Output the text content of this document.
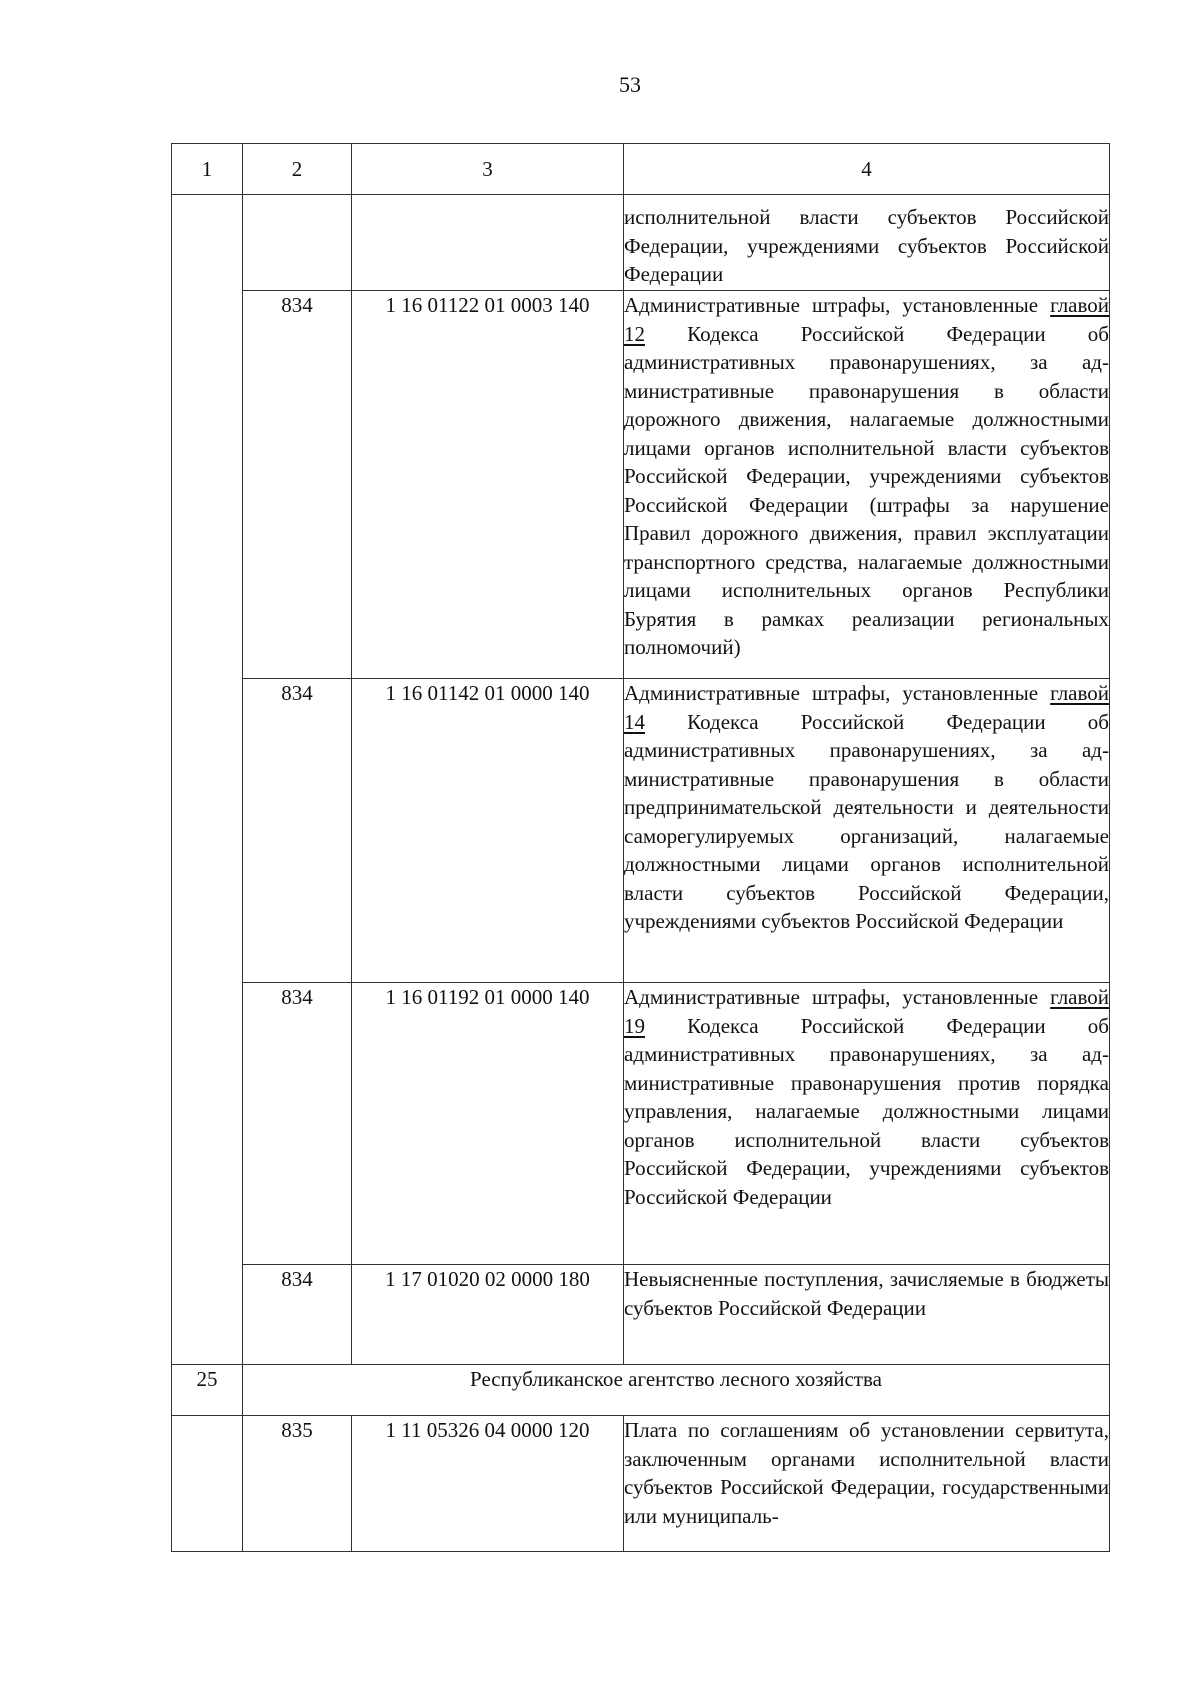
53
1	2	3	4
			исполнительной власти субъектов Российской Федерации, учреждениями субъектов Российской Федерации
	834	1 16 01122 01 0003 140	Административные штрафы, установленные главой 12 Кодекса Российской Федерации об административных правонарушениях, за административные правонарушения в области дорожного движения, налагаемые должностными лицами органов исполнительной власти субъектов Российской Федерации, учреждениями субъектов Российской Федерации (штрафы за нарушение Правил дорожного движения, правил эксплуатации транспортного средства, налагаемые должностными лицами исполнительных органов Республики Бурятия в рамках реализации региональных полномочий)
	834	1 16 01142 01 0000 140	Административные штрафы, установленные главой 14 Кодекса Российской Федерации об административных правонарушениях, за административные правонарушения в области предпринимательской деятельности и деятельности саморегулируемых организаций, налагаемые должностными лицами органов исполнительной власти субъектов Российской Федерации, учреждениями субъектов Российской Федерации
	834	1 16 01192 01 0000 140	Административные штрафы, установленные главой 19 Кодекса Российской Федерации об административных правонарушениях, за административные правонарушения против порядка управления, налагаемые должностными лицами органов исполнительной власти субъектов Российской Федерации, учреждениями субъектов Российской Федерации
	834	1 17 01020 02 0000 180	Невыясненные поступления, зачисляемые в бюджеты субъектов Российской Федерации

25	Республиканское агентство лесного хозяйства		
	835	1 11 05326 04 0000 120	Плата по соглашениям об установлении сервитута, заключенным органами исполнительной власти субъектов Российской Федерации, государственными или муниципаль-
